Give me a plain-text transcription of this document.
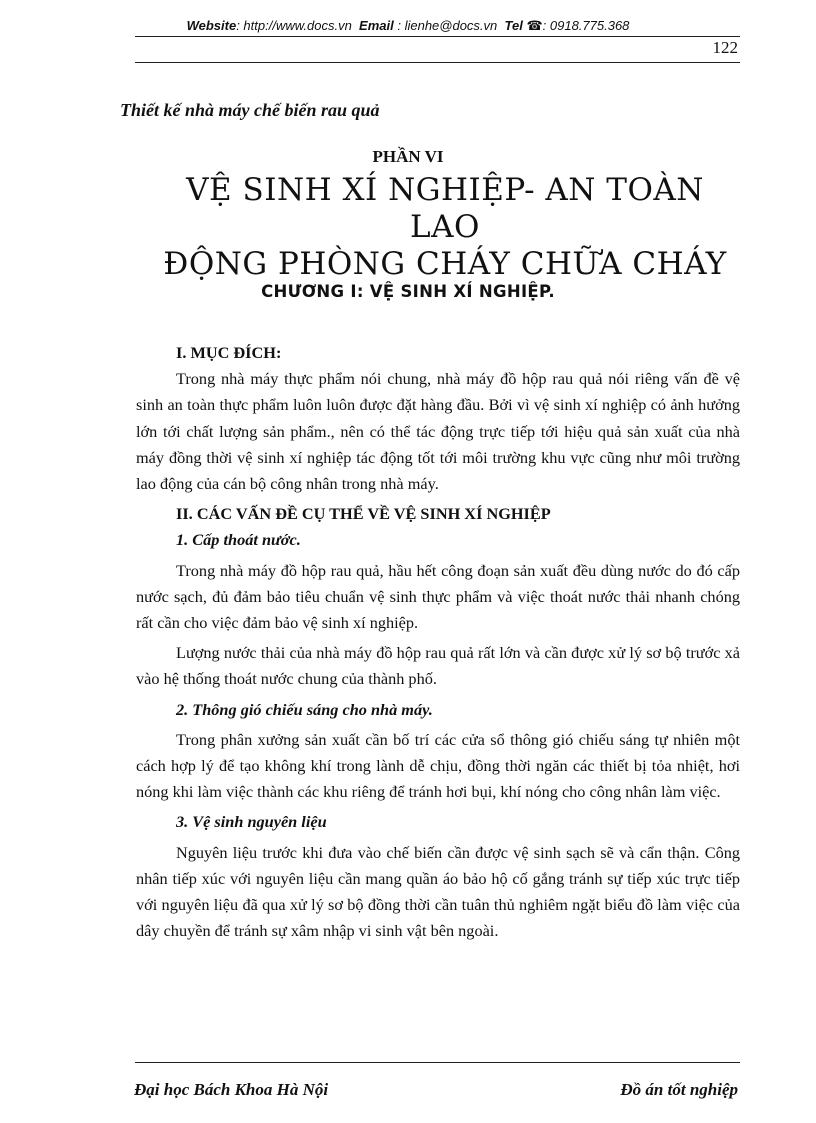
Website: http://www.docs.vn Email : lienhe@docs.vn Tel ☎: 0918.775.368
122
Thiết kế nhà máy chế biến rau quả
PHẦN VI
VỆ SINH XÍ NGHIỆP- AN TOÀN LAO
ĐỘNG PHÒNG CHÁY CHỮA CHÁY
CHƯƠNG I: VỆ SINH XÍ NGHIỆP.

I. MỤC ĐÍCH:

Trong nhà máy thực phẩm nói chung, nhà máy đồ hộp rau quả nói riêng vấn đề vệ sinh an toàn thực phẩm luôn luôn được đặt hàng đầu. Bởi vì vệ sinh xí nghiệp có ảnh hưởng lớn tới chất lượng sản phẩm., nên có thể tác động trực tiếp tới hiệu quả sản xuất của nhà máy đồng thời vệ sinh xí nghiệp tác động tốt tới môi trường khu vực cũng như môi trường lao động của cán bộ công nhân trong nhà máy.

II. CÁC VẤN ĐỀ CỤ THỂ VỀ VỆ SINH XÍ NGHIỆP

1. Cấp thoát nước.

Trong nhà máy đồ hộp rau quả, hầu hết công đoạn sản xuất đều dùng nước do đó cấp nước sạch, đủ đảm bảo tiêu chuẩn vệ sinh thực phẩm và việc thoát nước thải nhanh chóng rất cần cho việc đảm bảo vệ sinh xí nghiệp.

Lượng nước thải của nhà máy đồ hộp rau quả rất lớn và cần được xử lý sơ bộ trước xả vào hệ thống thoát nước chung của thành phố.

2. Thông gió chiếu sáng cho nhà máy.

Trong phân xưởng sản xuất cần bố trí các cửa sổ thông gió chiếu sáng tự nhiên một cách hợp lý để tạo không khí trong lành dễ chịu, đồng thời ngăn các thiết bị tỏa nhiệt, hơi nóng khi làm việc thành các khu riêng để tránh hơi bụi, khí nóng cho công nhân làm việc.

3. Vệ sinh nguyên liệu

Nguyên liệu trước khi đưa vào chế biến cần được vệ sinh sạch sẽ và cẩn thận. Công nhân tiếp xúc với nguyên liệu cần mang quần áo bảo hộ cố gắng tránh sự tiếp xúc trực tiếp với nguyên liệu đã qua xử lý sơ bộ đồng thời cần tuân thủ nghiêm ngặt biểu đồ làm việc của dây chuyền để tránh sự xâm nhập vi sinh vật bên ngoài.

Đại học Bách Khoa Hà Nội	Đồ án tốt nghiệp
